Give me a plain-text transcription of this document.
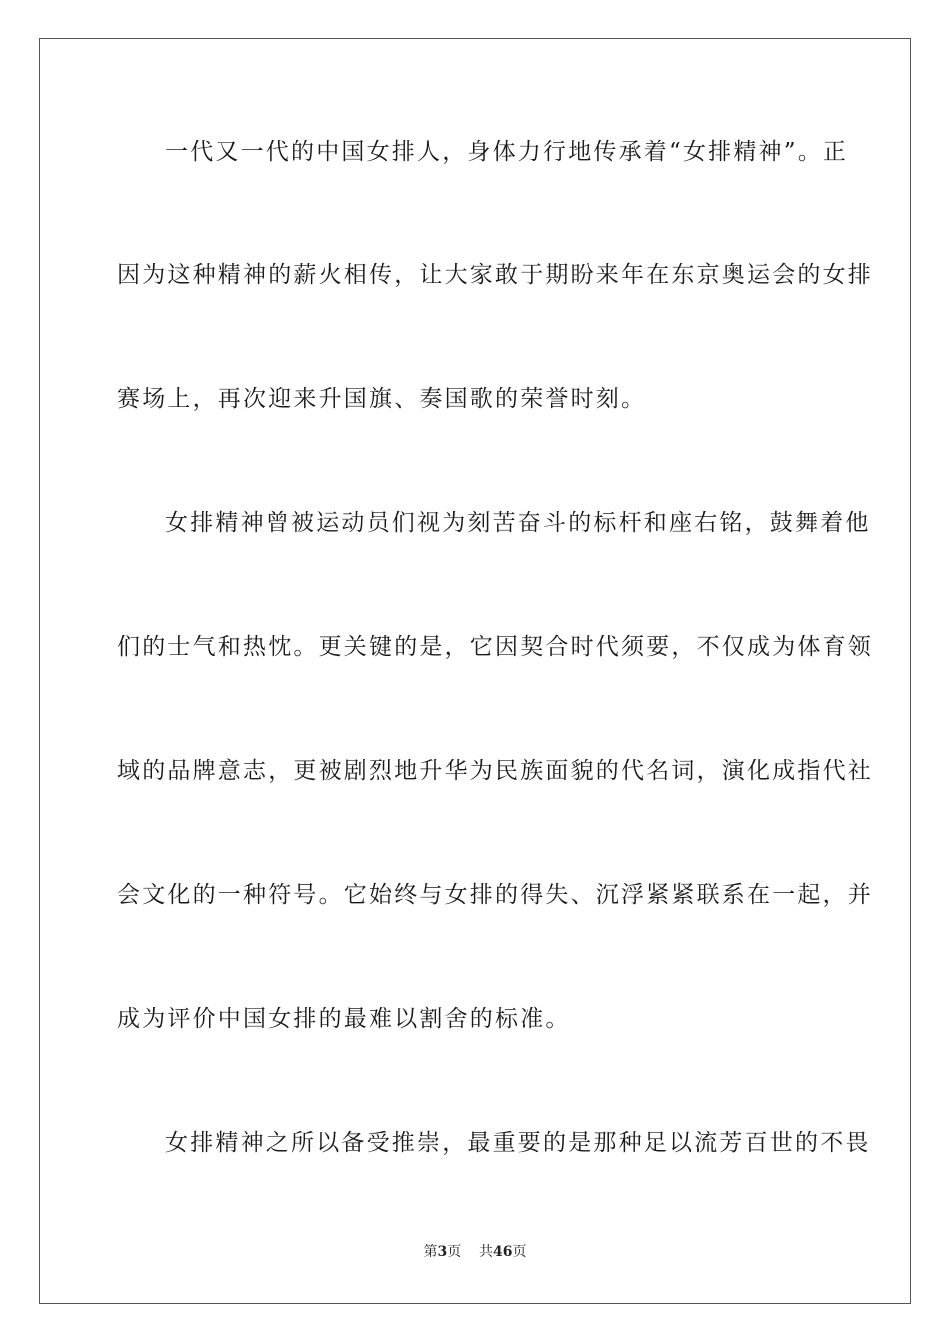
一代又一代的中国女排人，身体力行地传承着“女排精神”。正
因为这种精神的薪火相传，让大家敢于期盼来年在东京奥运会的女排
赛场上，再次迎来升国旗、奏国歌的荣誉时刻。
女排精神曾被运动员们视为刻苦奋斗的标杆和座右铭，鼓舞着他
们的士气和热忱。更关键的是，它因契合时代须要，不仅成为体育领
域的品牌意志，更被剧烈地升华为民族面貌的代名词，演化成指代社
会文化的一种符号。它始终与女排的得失、沉浮紧紧联系在一起，并
成为评价中国女排的最难以割舍的标准。
女排精神之所以备受推崇，最重要的是那种足以流芳百世的不畏
第3页 共46页
